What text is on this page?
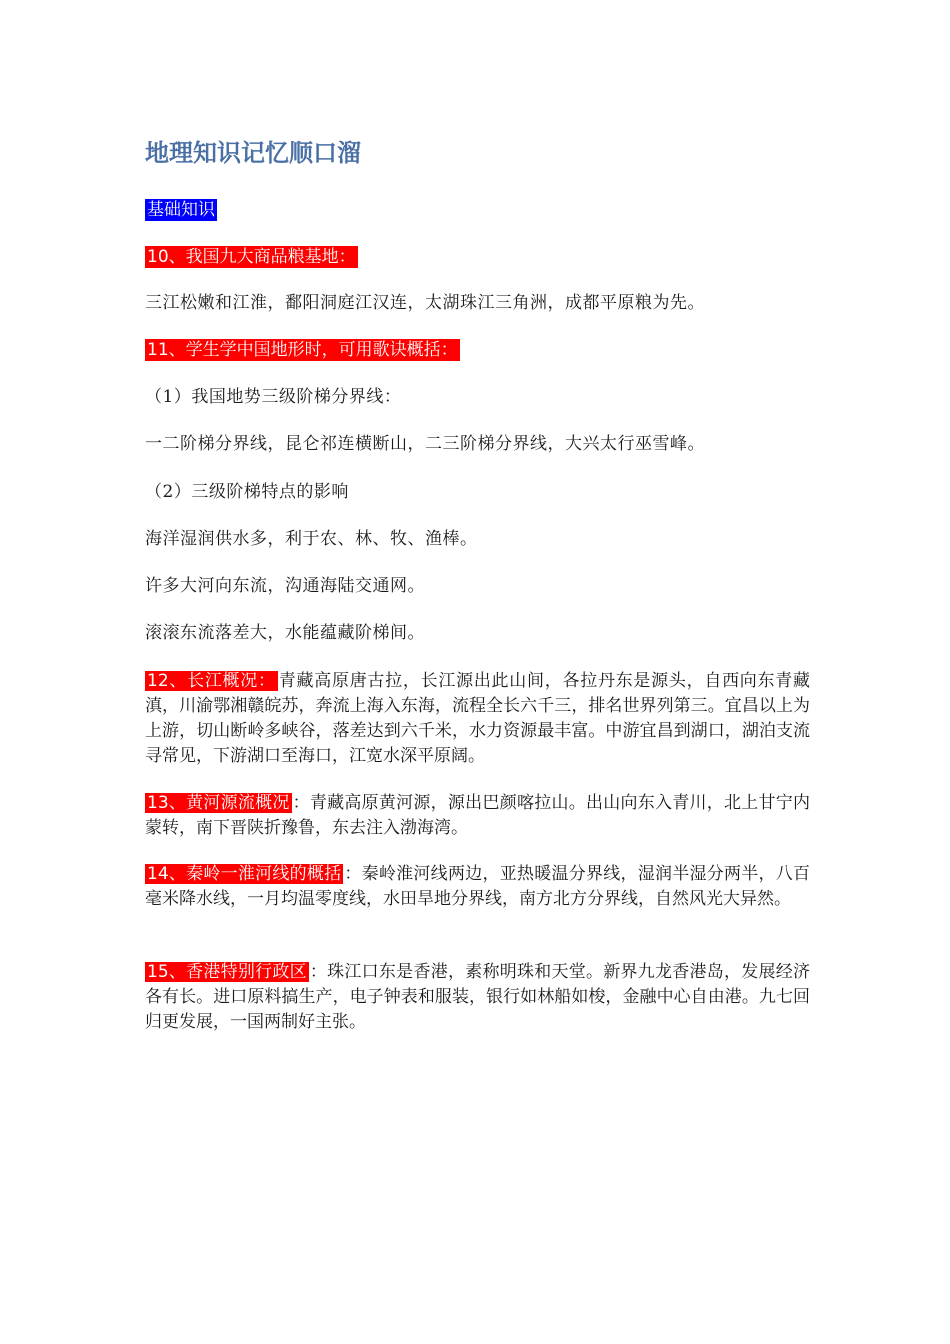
地理知识记忆顺口溜
基础知识
10、我国九大商品粮基地：
三江松嫩和江淮，鄱阳洞庭江汉连，太湖珠江三角洲，成都平原粮为先。
11、学生学中国地形时，可用歌诀概括：
（1）我国地势三级阶梯分界线：
一二阶梯分界线，昆仑祁连横断山，二三阶梯分界线，大兴太行巫雪峰。
（2）三级阶梯特点的影响
海洋湿润供水多，利于农、林、牧、渔棒。
许多大河向东流，沟通海陆交通网。
滚滚东流落差大，水能蕴藏阶梯间。
12、长江概况： 青藏高原唐古拉，长江源出此山间，各拉丹东是源头，自西向东青藏滇，川渝鄂湘赣皖苏，奔流上海入东海，流程全长六千三，排名世界列第三。宜昌以上为上游，切山断岭多峡谷，落差达到六千米，水力资源最丰富。中游宜昌到湖口，湖泊支流寻常见，下游湖口至海口，江宽水深平原阔。
13、黄河源流概况 ：青藏高原黄河源，源出巴颜喀拉山。出山向东入青川，北上甘宁内蒙转，南下晋陕折豫鲁，东去注入渤海湾。
14、秦岭一淮河线的概括 ：秦岭淮河线两边，亚热暖温分界线，湿润半湿分两半，八百毫米降水线，一月均温零度线，水田旱地分界线，南方北方分界线，自然风光大异然。
15、香港特别行政区 ：珠江口东是香港，素称明珠和天堂。新界九龙香港岛，发展经济各有长。进口原料搞生产，电子钟表和服装，银行如林船如梭，金融中心自由港。九七回归更发展，一国两制好主张。
